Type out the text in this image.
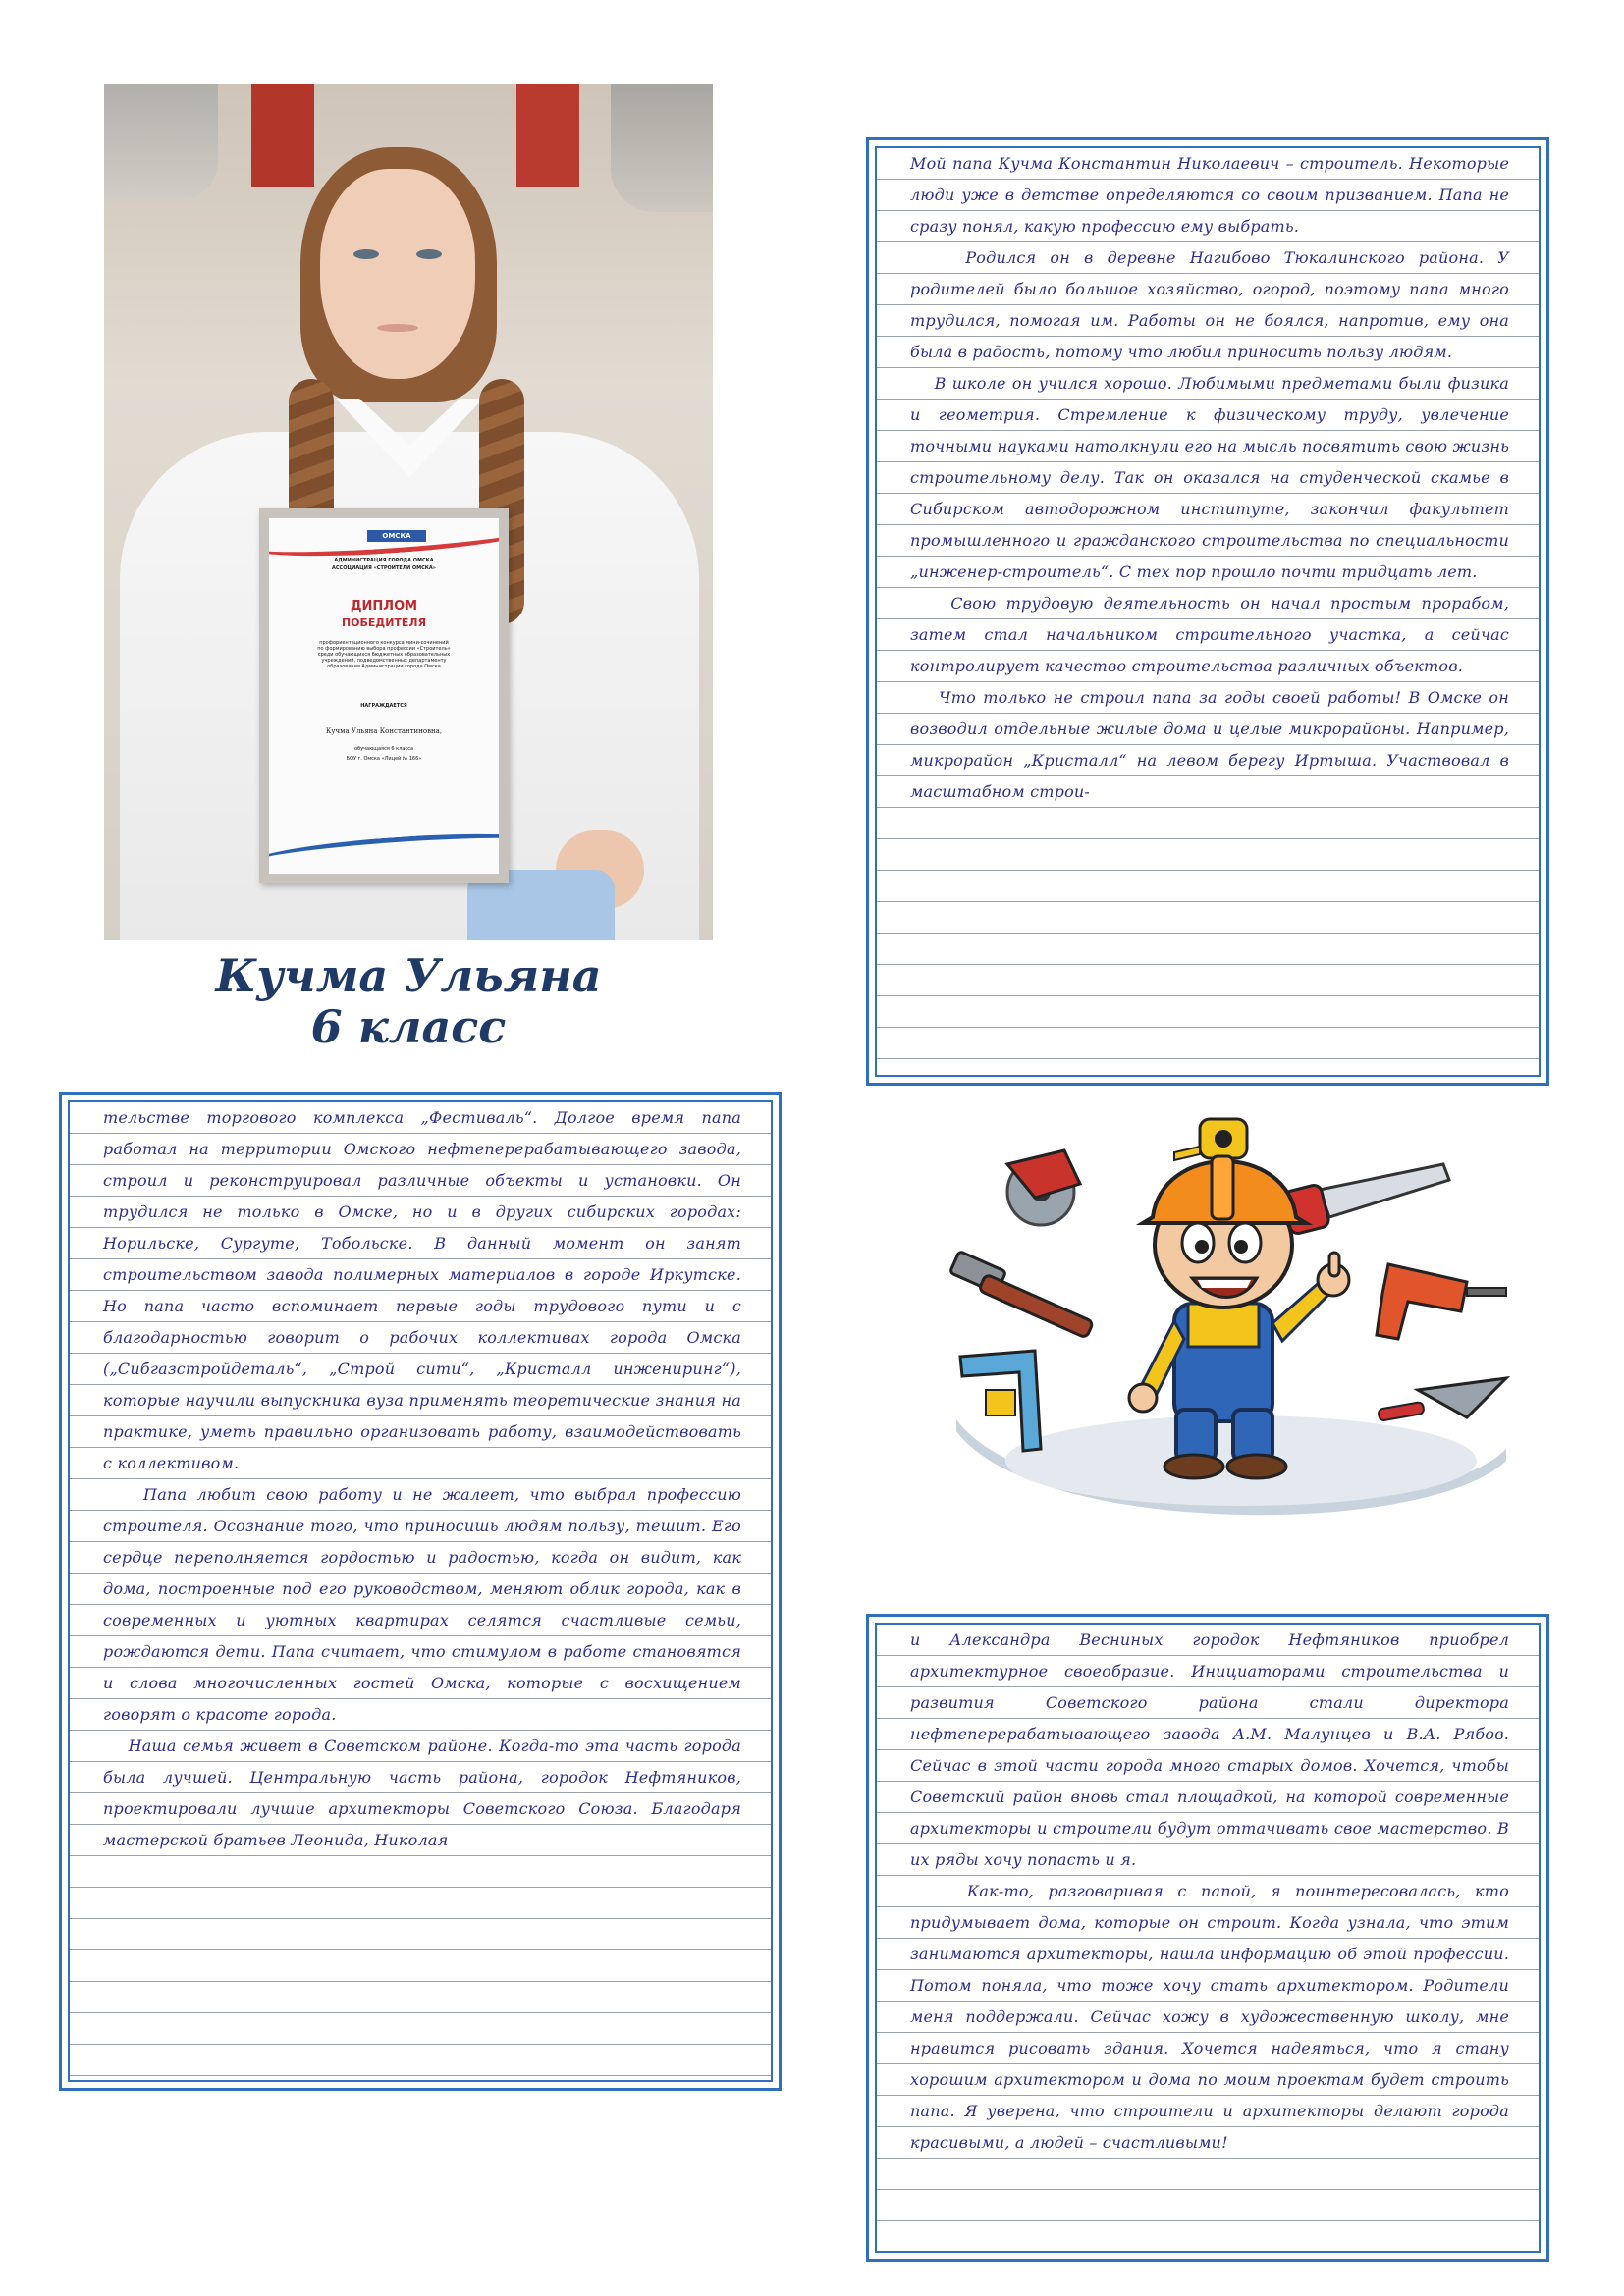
ОМСКА
АДМИНИСТРАЦИЯ ГОРОДА ОМСКА
АССОЦИАЦИЯ «СТРОИТЕЛИ ОМСКА»
ДИПЛОМ
ПОБЕДИТЕЛЯ
профориентационного конкурса мини-сочинений
по формированию выбора профессии «Строитель»
среди обучающихся бюджетных образовательных
учреждений, подведомственных департаменту
образования Администрации города Омска
НАГРАЖДАЕТСЯ
Кучма Ульяна Константиновна,
обучающаяся 6 класса
БОУ г. Омска «Лицей № 166»
Кучма Ульяна
6 класс

Мой папа Кучма Константин Николаевич – строитель. Некоторые люди уже в детстве определяются со своим призванием. Папа не сразу понял, какую профессию ему выбрать.
Родился он в деревне Нагибово Тюкалинского района. У родителей было большое хозяйство, огород, поэтому папа много трудился, помогая им. Работы он не боялся, напротив, ему она была в радость, потому что любил приносить пользу людям.
В школе он учился хорошо. Любимыми предметами были физика и геометрия. Стремление к физическому труду, увлечение точными науками натолкнули его на мысль посвятить свою жизнь строительному делу. Так он оказался на студенческой скамье в Сибирском автодорожном институте, закончил факультет промышленного и гражданского строительства по специальности „инженер-строитель“. С тех пор прошло почти тридцать лет.
Свою трудовую деятельность он начал простым прорабом, затем стал начальником строительного участка, а сейчас контролирует качество строительства различных объектов.
Что только не строил папа за годы своей работы! В Омске он возводил отдельные жилые дома и целые микрорайоны. Например, микрорайон „Кристалл“ на левом берегу Иртыша. Участвовал в масштабном строи-

тельстве торгового комплекса „Фестиваль“. Долгое время папа работал на территории Омского нефтеперерабатывающего завода, строил и реконструировал различные объекты и установки. Он трудился не только в Омске, но и в других сибирских городах: Норильске, Сургуте, Тобольске. В данный момент он занят строительством завода полимерных материалов в городе Иркутске. Но папа часто вспоминает первые годы трудового пути и с благодарностью говорит о рабочих коллективах города Омска („Сибгазстройдеталь“, „Строй сити“, „Кристалл инжениринг“), которые научили выпускника вуза применять теоретические знания на практике, уметь правильно организовать работу, взаимодействовать с коллективом.
Папа любит свою работу и не жалеет, что выбрал профессию строителя. Осознание того, что приносишь людям пользу, тешит. Его сердце переполняется гордостью и радостью, когда он видит, как дома, построенные под его руководством, меняют облик города, как в современных и уютных квартирах селятся счастливые семьи, рождаются дети. Папа считает, что стимулом в работе становятся и слова многочисленных гостей Омска, которые с восхищением говорят о красоте города.
Наша семья живет в Советском районе. Когда-то эта часть города была лучшей. Центральную часть района, городок Нефтяников, проектировали лучшие архитекторы Советского Союза. Благодаря мастерской братьев Леонида, Николая

и Александра Весниных городок Нефтяников приобрел архитектурное своеобразие. Инициаторами строительства и развития Советского района стали директора нефтеперерабатывающего завода А.М. Малунцев и В.А. Рябов. Сейчас в этой части города много старых домов. Хочется, чтобы Советский район вновь стал площадкой, на которой современные архитекторы и строители будут оттачивать свое мастерство. В их ряды хочу попасть и я.
Как-то, разговаривая с папой, я поинтересовалась, кто придумывает дома, которые он строит. Когда узнала, что этим занимаются архитекторы, нашла информацию об этой профессии. Потом поняла, что тоже хочу стать архитектором. Родители меня поддержали. Сейчас хожу в художественную школу, мне нравится рисовать здания. Хочется надеяться, что я стану хорошим архитектором и дома по моим проектам будет строить папа. Я уверена, что строители и архитекторы делают города красивыми, а людей – счастливыми!
